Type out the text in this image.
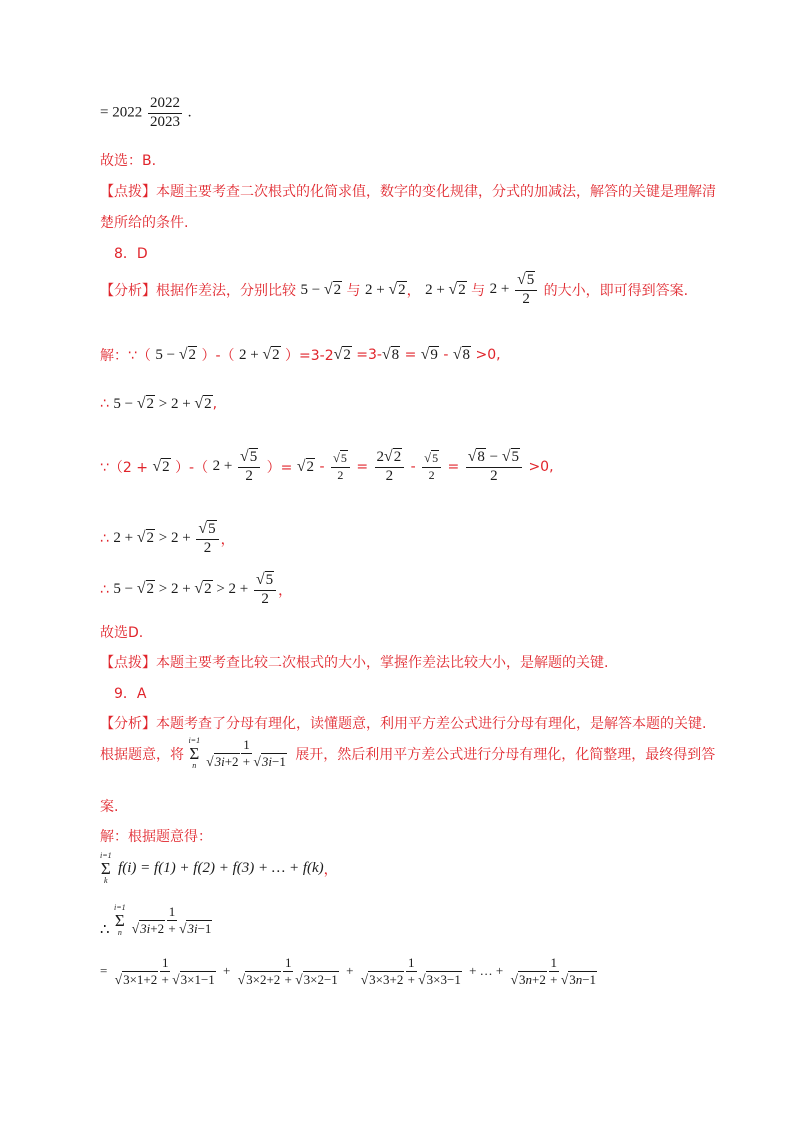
= $2022 \frac{2022}{2023}$ .
故选：B.
【点拨】本题主要考查二次根式的化简求值，数字的变化规律，分式的加减法，解答的关键是理解清
楚所给的条件.
8．D
【分析】根据作差法，分别比较 5 − √2 与 2 + √2， 2 + √2 与 $2 + \frac{√5}{2}$ 的大小，即可得到答案.
解：∵（ 5 − √2 ）-（ 2 + √2 ）=3-2√2 =3-√8 = √9 - √8 >0,
∴ 5 − √2 > 2 + √2,
∵（2 + √2 ）-（ $2 + \frac{√5}{2}$ ）= $√2 - \frac{√5}{2} = \frac{2√2}{2} - \frac{√5}{2} = \frac{√8 - √5}{2} >0$,
∴ $2 + √2 > 2 + \frac{√5}{2}$ ，
∴ $5 - √2 > 2 + √2 > 2 + \frac{√5}{2}$ ，
故选D.
【点拨】本题主要考查比较二次根式的大小，掌握作差法比较大小，是解题的关键.
9．A
【分析】本题考查了分母有理化，读懂题意，利用平方差公式进行分母有理化，是解答本题的关键.
根据题意，将
i=1
Σ
n $\frac{1}{√3i+2 + √3i-1}$ 展开，然后利用平方差公式进行分母有理化，化简整理，最终得到答
案.
解：根据题意得：
i=1
Σ
k
f(i) = f(1) + f(2) + f(3) + … + f(k)，
∴
i=1
Σ
n $\frac{1}{√3i+2 + √3i-1}$
= $\frac{1}{√3\times 1+2 + √3\times 1-1} + \frac{1}{√3\times 2+2 + √3\times 2-1} + \frac{1}{√3\times 3+2 + √3\times 3-1}$ + … + $\frac{1}{√3n+2 + √3n-1}$
